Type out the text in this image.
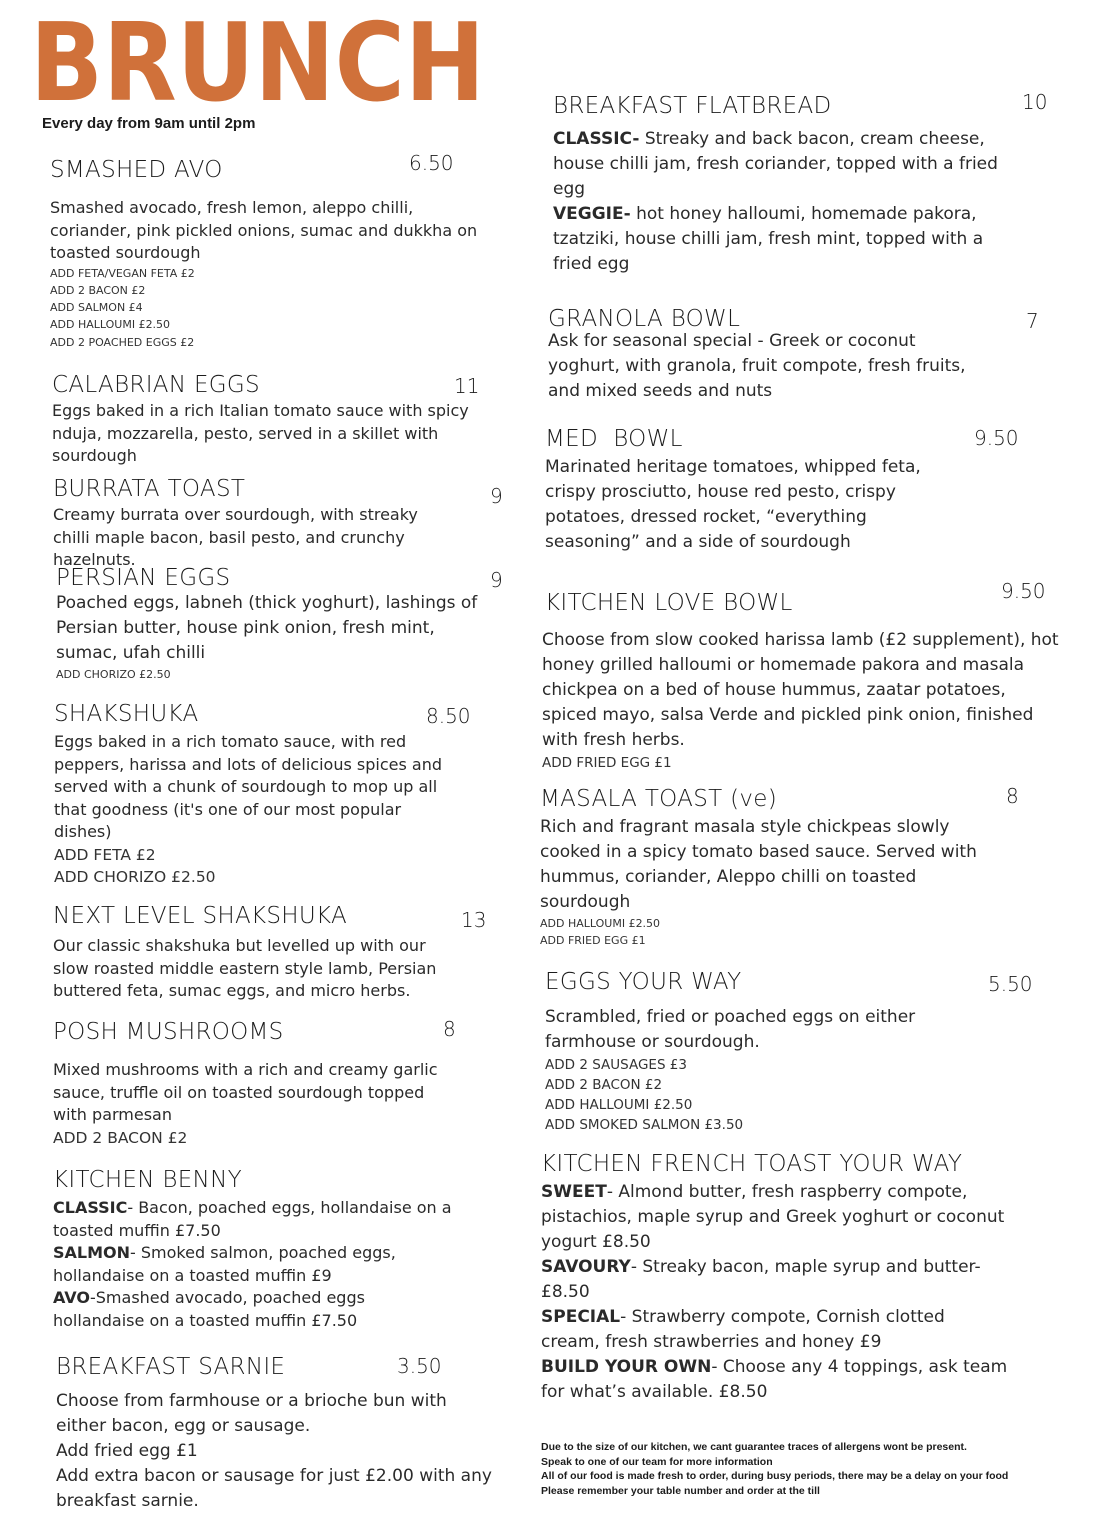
BRUNCH
Every day from 9am until 2pm
SMASHED AVO	6.50
Smashed avocado, fresh lemon, aleppo chilli, coriander, pink pickled onions, sumac and dukkha on toasted sourdough
ADD FETA/VEGAN FETA £2
ADD 2 BACON £2
ADD SALMON £4
ADD HALLOUMI £2.50
ADD 2 POACHED EGGS £2
CALABRIAN EGGS	11
Eggs baked in a rich Italian tomato sauce with spicy nduja, mozzarella, pesto, served in a skillet with sourdough
BURRATA TOAST	9
Creamy burrata over sourdough, with streaky chilli maple bacon, basil pesto, and crunchy hazelnuts.
PERSIAN EGGS	9
Poached eggs, labneh (thick yoghurt), lashings of Persian butter, house pink onion, fresh mint, sumac, ufah chilli
ADD CHORIZO £2.50
SHAKSHUKA	8.50
Eggs baked in a rich tomato sauce, with red peppers, harissa and lots of delicious spices and served with a chunk of sourdough to mop up all that goodness (it's one of our most popular dishes)
ADD FETA £2
ADD CHORIZO £2.50
NEXT LEVEL SHAKSHUKA	13
Our classic shakshuka but levelled up with our slow roasted middle eastern style lamb, Persian buttered feta, sumac eggs, and micro herbs.
POSH MUSHROOMS	8
Mixed mushrooms with a rich and creamy garlic sauce, truffle oil on toasted sourdough topped with parmesan
ADD 2 BACON £2
KITCHEN BENNY
CLASSIC- Bacon, poached eggs, hollandaise on a toasted muffin £7.50
SALMON- Smoked salmon, poached eggs, hollandaise on a toasted muffin £9
AVO-Smashed avocado, poached eggs hollandaise on a toasted muffin £7.50
BREAKFAST SARNIE	3.50
Choose from farmhouse or a brioche bun with either bacon, egg or sausage.
Add fried egg £1
Add extra bacon or sausage for just £2.00 with any breakfast sarnie.
BREAKFAST FLATBREAD	10
CLASSIC- Streaky and back bacon, cream cheese, house chilli jam, fresh coriander, topped with a fried egg
VEGGIE- hot honey halloumi, homemade pakora, tzatziki, house chilli jam, fresh mint, topped with a fried egg
GRANOLA BOWL	7
Ask for seasonal special - Greek or coconut yoghurt, with granola, fruit compote, fresh fruits, and mixed seeds and nuts
MED  BOWL	9.50
Marinated heritage tomatoes, whipped feta, crispy prosciutto, house red pesto, crispy potatoes, dressed rocket, “everything seasoning” and a side of sourdough
KITCHEN LOVE BOWL	9.50
Choose from slow cooked harissa lamb (£2 supplement), hot honey grilled halloumi or homemade pakora and masala chickpea on a bed of house hummus, zaatar potatoes, spiced mayo, salsa Verde and pickled pink onion, finished with fresh herbs.
ADD FRIED EGG £1
MASALA TOAST (ve)	8
Rich and fragrant masala style chickpeas slowly cooked in a spicy tomato based sauce. Served with hummus, coriander, Aleppo chilli on toasted sourdough
ADD HALLOUMI £2.50
ADD FRIED EGG £1
EGGS YOUR WAY	5.50
Scrambled, fried or poached eggs on either farmhouse or sourdough.
ADD 2 SAUSAGES £3
ADD 2 BACON £2
ADD HALLOUMI £2.50
ADD SMOKED SALMON £3.50
KITCHEN FRENCH TOAST YOUR WAY
SWEET- Almond butter, fresh raspberry compote, pistachios, maple syrup and Greek yoghurt or coconut yogurt £8.50
SAVOURY- Streaky bacon, maple syrup and butter- £8.50
SPECIAL- Strawberry compote, Cornish clotted cream, fresh strawberries and honey £9
BUILD YOUR OWN- Choose any 4 toppings, ask team for what’s available. £8.50
Due to the size of our kitchen, we cant guarantee traces of allergens wont be present.
Speak to one of our team for more information
All of our food is made fresh to order, during busy periods, there may be a delay on your food
Please remember your table number and order at the till
